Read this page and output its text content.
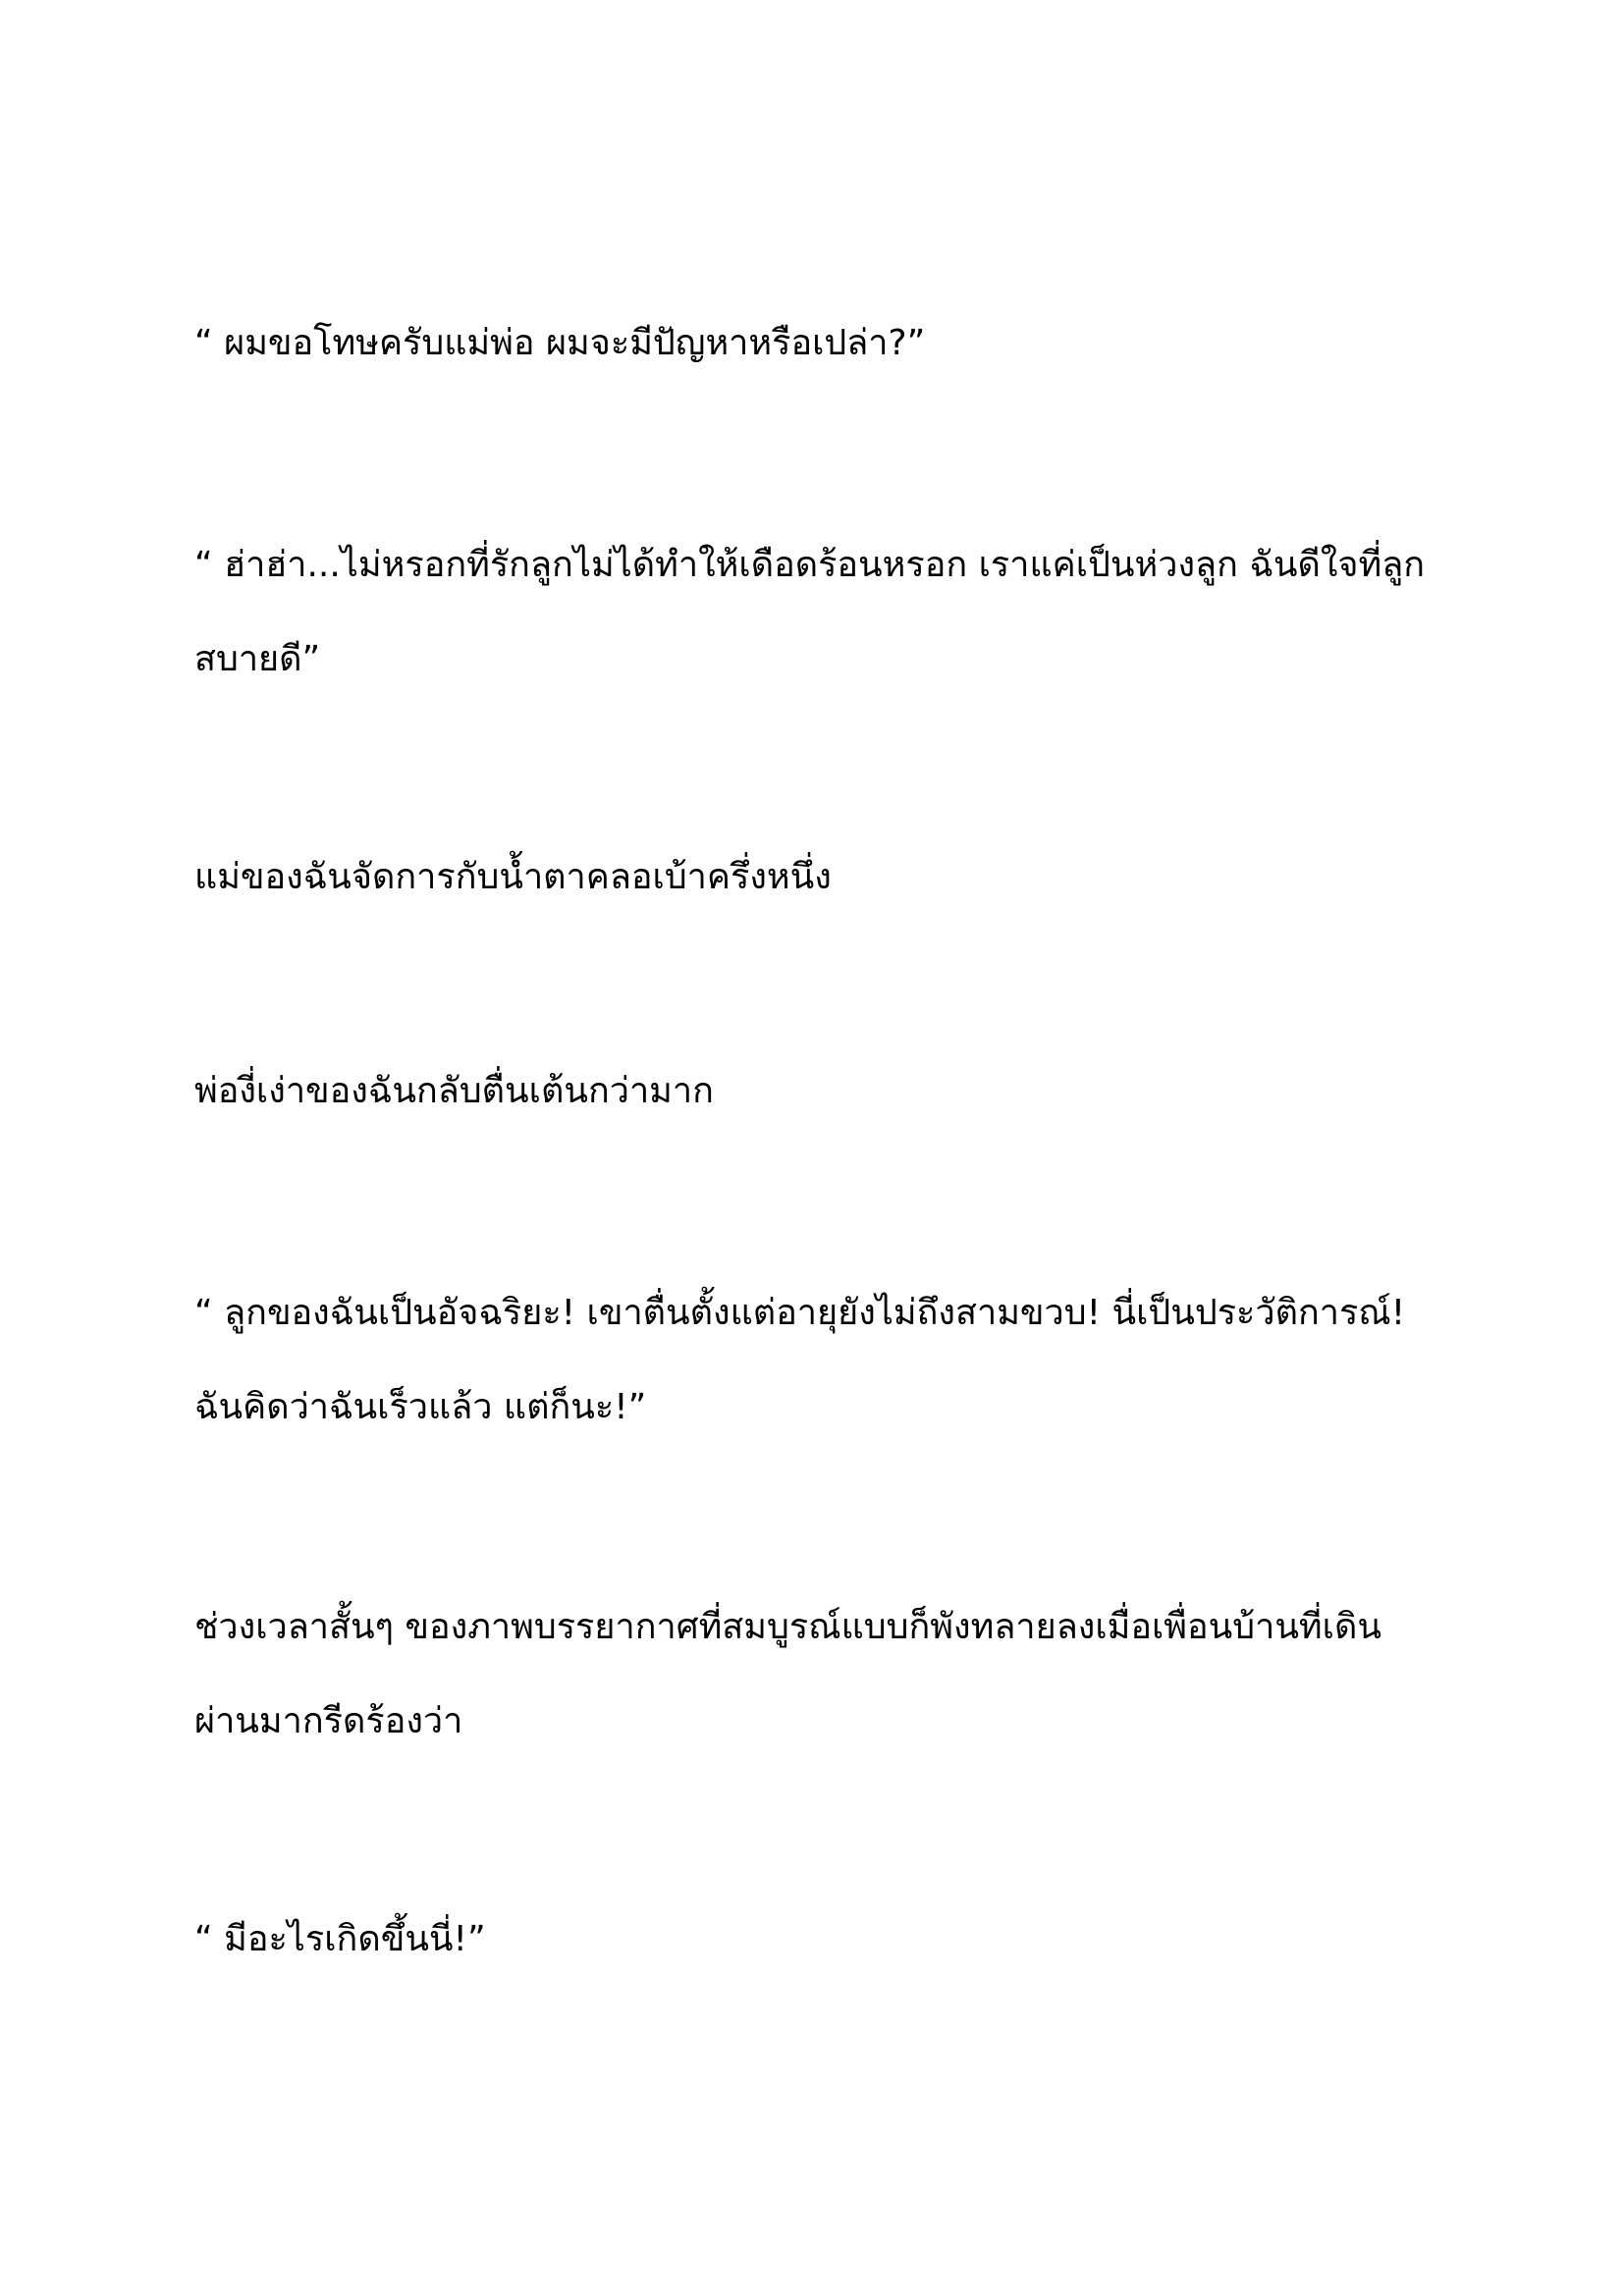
“ ผมขอโทษครับแม่พ่อ ผมจะมีปัญหาหรือเปล่า?”

“ ฮ่าฮ่า...ไม่หรอกที่รักลูกไม่ได้ทำให้เดือดร้อนหรอก เราแค่เป็นห่วงลูก ฉันดีใจที่ลูก
สบายดี”

แม่ของฉันจัดการกับน้ำตาคลอเบ้าครึ่งหนึ่ง

พ่องี่เง่าของฉันกลับตื่นเต้นกว่ามาก

“ ลูกของฉันเป็นอัจฉริยะ! เขาตื่นตั้งแต่อายุยังไม่ถึงสามขวบ! นี่เป็นประวัติการณ์!
ฉันคิดว่าฉันเร็วแล้ว แต่ก็นะ!”

ช่วงเวลาสั้นๆ ของภาพบรรยากาศที่สมบูรณ์แบบก็พังทลายลงเมื่อเพื่อนบ้านที่เดิน
ผ่านมากรีดร้องว่า

“ มีอะไรเกิดขึ้นนี่!”
